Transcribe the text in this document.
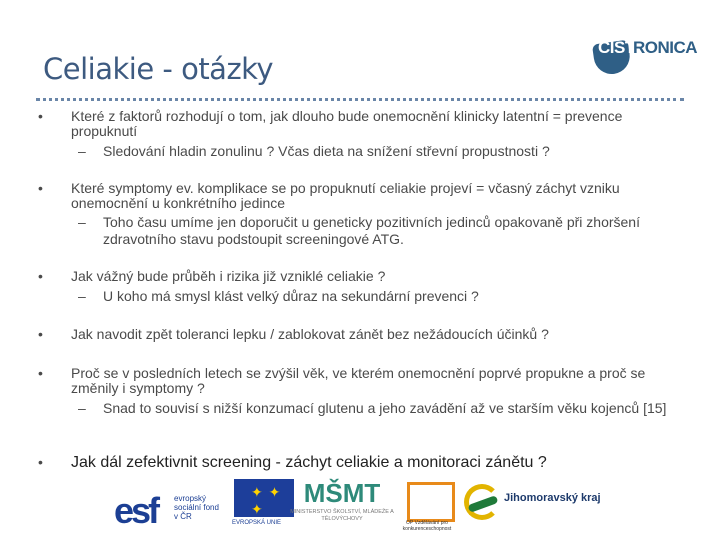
Celiakie - otázky
CIST
RONICA
• Které z faktorů rozhodují o tom, jak dlouho bude onemocnění klinicky latentní = prevence propuknutí
– Sledování hladin zonulinu ? Včas dieta na snížení střevní propustnosti ?
• Které symptomy ev. komplikace se po propuknutí celiakie projeví = včasný záchyt vzniku onemocnění u konkrétního jedince
– Toho času umíme jen doporučit u geneticky pozitivních jedinců opakovaně při zhoršení zdravotního stavu podstoupit screeningové ATG.
• Jak vážný bude průběh i rizika již vzniklé celiakie ?
– U koho má smysl klást velký důraz na sekundární prevenci ?
• Jak navodit zpět toleranci lepku / zablokovat zánět bez nežádoucích účinků ?
• Proč se v posledních letech se zvýšil věk, ve kterém onemocnění poprvé propukne a proč se změnily i symptomy ?
– Snad to souvisí s nižší konzumací glutenu a jeho zavádění až ve starším věku kojenců [15]
• Jak dál zefektivnit screening - záchyt celiakie a monitoraci zánětu ?
esf evropský sociální fond v ČR
✦ ✦ ✦
EVROPSKÁ UNIE
MŠMT
MINISTERSTVO ŠKOLSTVÍ, MLÁDEŽE A TĚLOVÝCHOVY
OP Vzdělávání pro konkurenceschopnost
Jihomoravský kraj
